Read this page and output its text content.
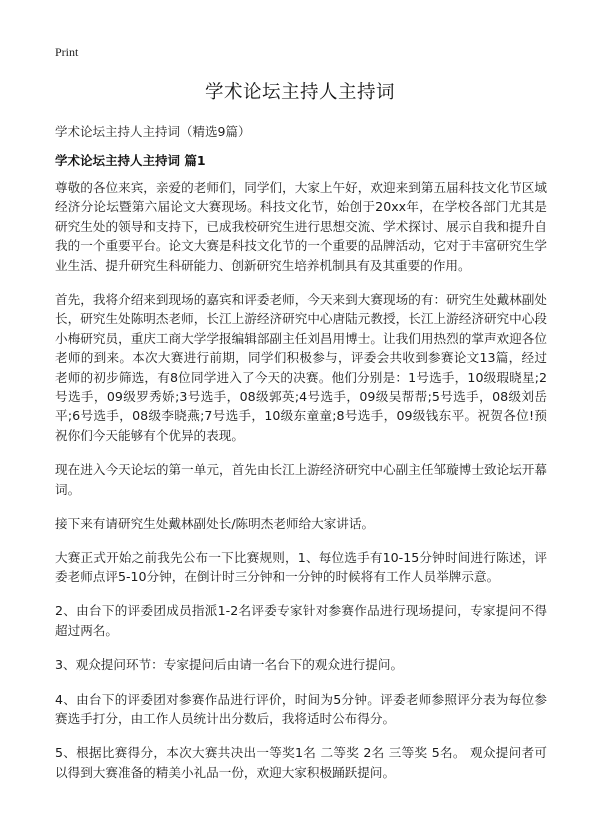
Print
学术论坛主持人主持词

学术论坛主持人主持词（精选9篇）

学术论坛主持人主持词 篇1

尊敬的各位来宾，亲爱的老师们，同学们，大家上午好，欢迎来到第五届科技文化节区域经济分论坛暨第六届论文大赛现场。科技文化节，始创于20xx年，在学校各部门尤其是研究生处的领导和支持下，已成我校研究生进行思想交流、学术探讨、展示自我和提升自我的一个重要平台。论文大赛是科技文化节的一个重要的品牌活动，它对于丰富研究生学业生活、提升研究生科研能力、创新研究生培养机制具有及其重要的作用。

首先，我将介绍来到现场的嘉宾和评委老师，今天来到大赛现场的有：研究生处戴林副处长，研究生处陈明杰老师，长江上游经济研究中心唐陆元教授，长江上游经济研究中心段小梅研究员，重庆工商大学学报编辑部副主任刘昌用博士。让我们用热烈的掌声欢迎各位老师的到来。本次大赛进行前期，同学们积极参与，评委会共收到参赛论文13篇，经过老师的初步筛选，有8位同学进入了今天的决赛。他们分别是：1号选手，10级瑕晓星;2号选手，09级罗秀娇;3号选手，08级郭英;4号选手，09级吴帮帮;5号选手，08级刘岳平;6号选手，08级李晓燕;7号选手，10级东童童;8号选手，09级钱东平。祝贺各位!预祝你们今天能够有个优异的表现。

现在进入今天论坛的第一单元，首先由长江上游经济研究中心副主任邹璇博士致论坛开幕词。

接下来有请研究生处戴林副处长/陈明杰老师给大家讲话。

大赛正式开始之前我先公布一下比赛规则，1、每位选手有10-15分钟时间进行陈述，评委老师点评5-10分钟，在倒计时三分钟和一分钟的时候将有工作人员举牌示意。

2、由台下的评委团成员指派1-2名评委专家针对参赛作品进行现场提问，专家提问不得超过两名。

3、观众提问环节：专家提问后由请一名台下的观众进行提问。

4、由台下的评委团对参赛作品进行评价，时间为5分钟。评委老师参照评分表为每位参赛选手打分，由工作人员统计出分数后，我将适时公布得分。

5、根据比赛得分，本次大赛共决出一等奖1名 二等奖 2名 三等奖 5名。 观众提问者可以得到大赛准备的精美小礼品一份，欢迎大家积极踊跃提问。
